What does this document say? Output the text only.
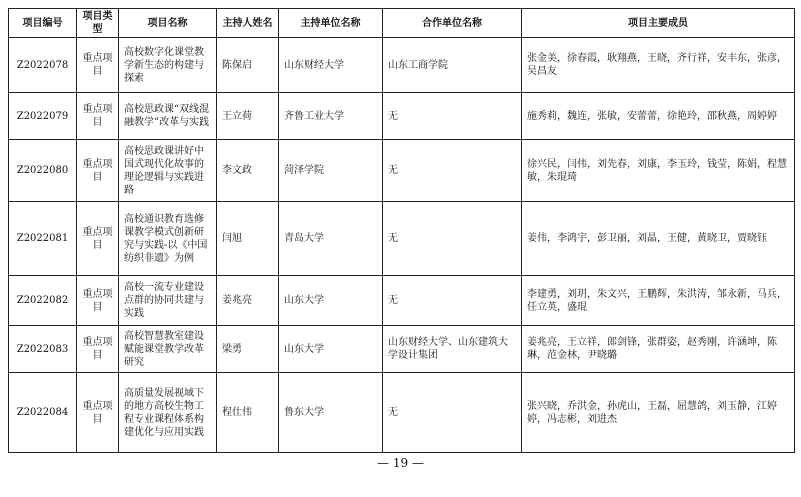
项目编号	项目类型	项目名称	主持人姓名	主持单位名称	合作单位名称	项目主要成员
Z2022078	重点项目	高校数字化课堂教学新生态的构建与探索	陈保启	山东财经大学	山东工商学院	张金美，徐春霞，耿翔燕，王晓，齐行祥，安丰东，张彦，吴昌友
Z2022079	重点项目	高校思政课“双线混融教学”改革与实践	王立荷	齐鲁工业大学	无	施秀莉，魏连，张敏，安蕾蕾，徐艳玲，邵秋燕，周婷婷
Z2022080	重点项目	高校思政课讲好中国式现代化故事的理论逻辑与实践进路	李文政	菏泽学院	无	徐兴民，闫伟，刘先春，刘康，李玉玲，钱莹，陈娟，程慧敏，朱琨琦
Z2022081	重点项目	高校通识教育选修课教学模式创新研究与实践-以《中国纺织非遗》为例	闫旭	青岛大学	无	姜伟，李鸿宇，彭卫丽，刘晶，王健，黄晓卫，贾晓钰
Z2022082	重点项目	高校一流专业建设点群的协同共建与实践	姜兆亮	山东大学	无	李建勇，刘玥，朱文兴，王鹏辉，朱洪涛，邹永新，马兵，任立英，盛琨
Z2022083	重点项目	高校智慧教室建设赋能课堂教学改革研究	梁勇	山东大学	山东财经大学、山东建筑大学设计集团	姜兆亮，王立祥，郎剑锋，张群姿，赵秀刚，许涵坤，陈琳，范金林，尹晓璐
Z2022084	重点项目	高质量发展视域下的地方高校生物工程专业课程体系构建优化与应用实践	程仕伟	鲁东大学	无	张兴晓，乔洪金，孙虎山，王磊，屈慧鸽，刘玉静，江婷婷，冯志彬，刘进杰
— 19 —
